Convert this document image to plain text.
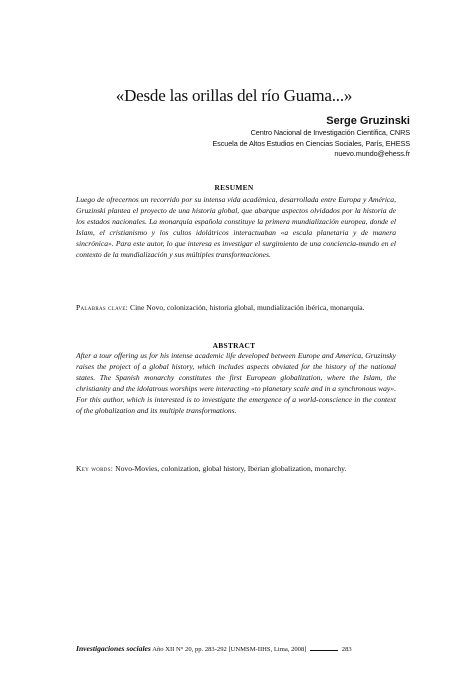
«Desde las orillas del río Guama...»
Serge Gruzinski
Centro Nacional de Investigación Científica, CNRS
Escuela de Altos Estudios en Ciencias Sociales, París, EHESS
nuevo.mundo@ehess.fr
RESUMEN
Luego de ofrecernos un recorrido por su intensa vida académica, desarrollada entre Europa y América, Gruzinski plantea el proyecto de una historia global, que abarque aspectos olvidados por la historia de los estados nacionales. La monarquía española constituye la primera mundialización europea, donde el Islam, el cristianismo y los cultos idolátricos interactuaban «a escala planetaria y de manera sincrónica». Para este autor, lo que interesa es investigar el surgimiento de una conciencia-mundo en el contexto de la mundialización y sus múltiples transformaciones.
Palabras clave: Cine Novo, colonización, historia global, mundialización ibérica, monarquía.
ABSTRACT
After a tour offering us for his intense academic life developed between Europe and America, Gruzinsky raises the project of a global history, which includes aspects obviated for the history of the national states. The Spanish monarchy constitutes the first European globalization, where the Islam, the christianity and the idolatrous worships were interacting «to planetary scale and in a synchronous way». For this author, which is interested is to investigate the emergence of a world-conscience in the context of the globalization and its multiple transformations.
Key words: Novo-Movies, colonization, global history, Iberian globalization, monarchy.
Investigaciones sociales Año XII N° 20, pp. 283-292 [UNMSM-IIHS, Lima, 2008]	283
